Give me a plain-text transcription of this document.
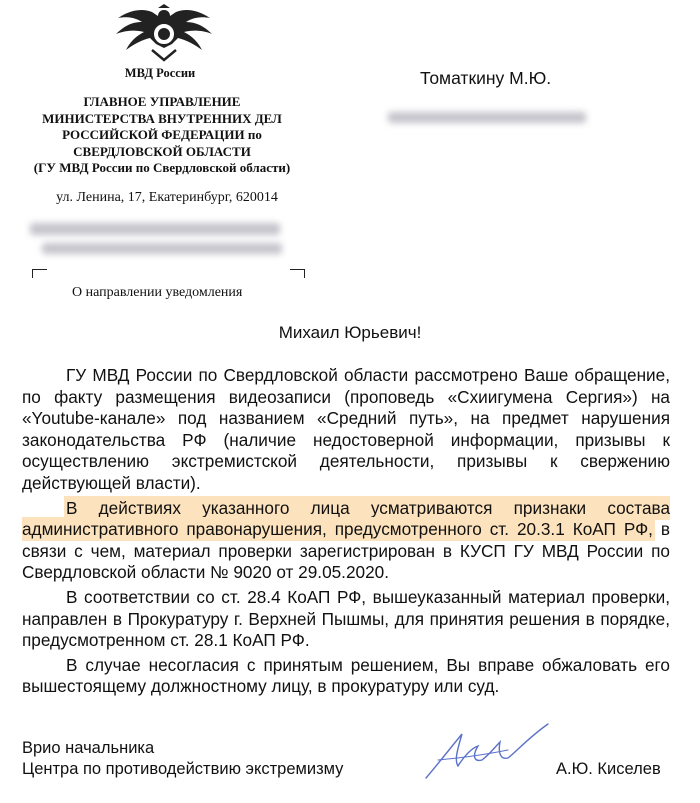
МВД России
ГЛАВНОЕ УПРАВЛЕНИЕ
МИНИСТЕРСТВА ВНУТРЕННИХ ДЕЛ
РОССИЙСКОЙ ФЕДЕРАЦИИ по
СВЕРДЛОВСКОЙ ОБЛАСТИ
(ГУ МВД России по Свердловской области)
ул. Ленина, 17, Екатеринбург, 620014
О направлении уведомления
Томаткину М.Ю.
Михаил Юрьевич!

ГУ МВД России по Свердловской области рассмотрено Ваше обращение, по факту размещения видеозаписи (проповедь «Схиигумена Сергия») на «Youtube-канале» под названием «Средний путь», на предмет нарушения законодательства РФ (наличие недостоверной информации, призывы к осуществлению экстремистской деятельности, призывы к свержению действующей власти).

В действиях указанного лица усматриваются признаки состава административного правонарушения, предусмотренного ст. 20.3.1 КоАП РФ, в связи с чем, материал проверки зарегистрирован в КУСП ГУ МВД России по Свердловской области № 9020 от 29.05.2020.

В соответствии со ст. 28.4 КоАП РФ, вышеуказанный материал проверки, направлен в Прокуратуру г. Верхней Пышмы, для принятия решения в порядке, предусмотренном ст. 28.1 КоАП РФ.

В случае несогласия с принятым решением, Вы вправе обжаловать его вышестоящему должностному лицу, в прокуратуру или суд.

Врио начальника
Центра по противодействию экстремизму	А.Ю. Киселев
